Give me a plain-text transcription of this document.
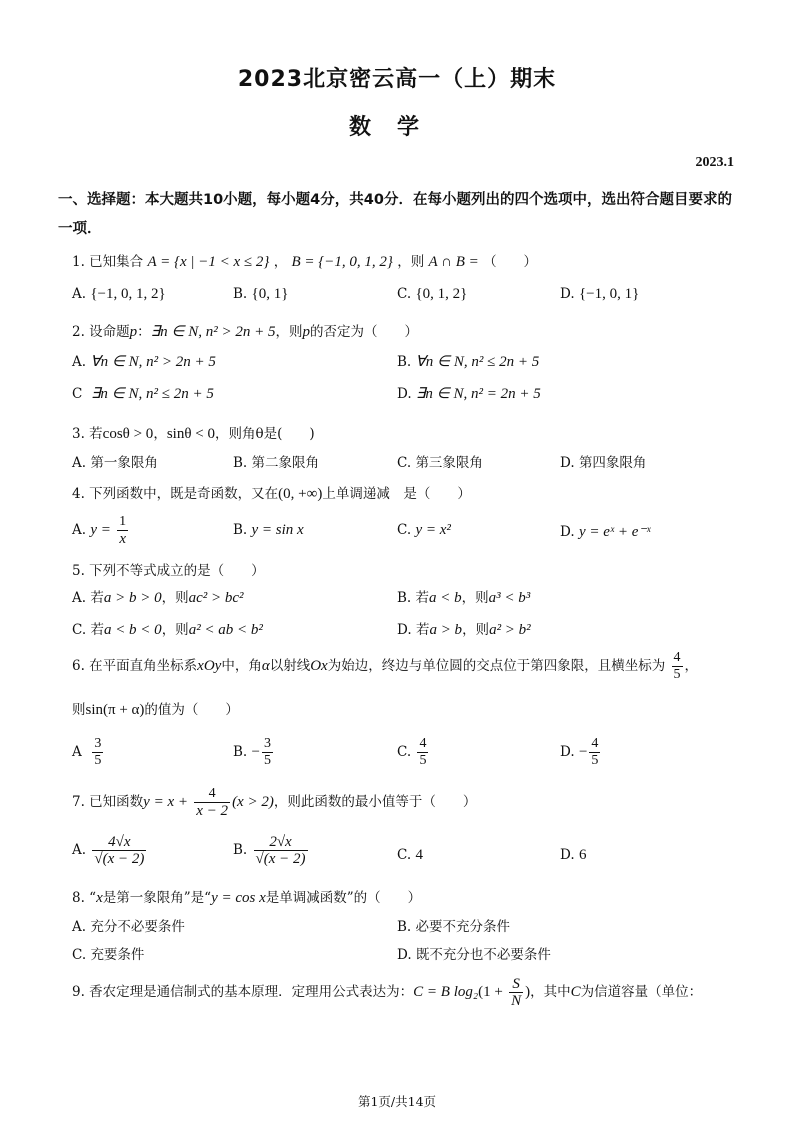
2023北京密云高一（上）期末
数学
2023.1
一、选择题：本大题共10小题，每小题4分，共40分．在每小题列出的四个选项中，选出符合题目要求的一项．
1. 已知集合 A = {x | −1 < x ≤ 2} ， B = {−1, 0, 1, 2} ，则 A ∩ B = （　　）
A. {−1, 0, 1, 2}	B. {0, 1}	C. {0, 1, 2}	D. {−1, 0, 1}
2. 设命题p：∃n ∈ N, n² > 2n + 5，则p的否定为（　　）
A. ∀n ∈ N, n² > 2n + 5	B. ∀n ∈ N, n² ≤ 2n + 5
C ∃n ∈ N, n² ≤ 2n + 5	D. ∃n ∈ N, n² = 2n + 5
3. 若cosθ > 0，sinθ < 0，则角θ是(　　)
A. 第一象限角	B. 第二象限角	C. 第三象限角	D. 第四象限角
4. 下列函数中，既是奇函数，又在(0, +∞)上单调递减　是（　　）
A. $y = \frac{1}{x}$	B. y = sin x	C. y = x²	D. y = eˣ + e⁻ˣ
5. 下列不等式成立的是（　　）
A. 若a > b > 0，则ac² > bc²	B. 若a < b，则a³ < b³
C. 若a < b < 0，则a² < ab < b²	D. 若a > b，则a² > b²
6. 在平面直角坐标系xOy中，角α以射线Ox为始边，终边与单位圆的交点位于第四象限，且横坐标为 $\frac{4}{5}$ ，
则sin(π + α)的值为（　　）
A $\frac{3}{5}$	B. − $\frac{3}{5}$	C. $\frac{4}{5}$	D. − $\frac{4}{5}$
7. 已知函数$y = x + \frac{4}{x - 2} (x > 2)$，则此函数的最小值等于（　　）
A. $\frac{4√x}{√(x - 2)}$	B. $\frac{2√x}{√(x - 2)}$	C. 4	D. 6
8. “x是第一象限角”是“y = cos x是单调减函数”的（　　）
A. 充分不必要条件	B. 必要不充分条件
C. 充要条件	D. 既不充分也不必要条件
9. 香农定理是通信制式的基本原理．定理用公式表达为：C = B $\log_2(1 + \frac{S}{N}$ )，其中C为信道容量（单位：
第1页/共14页
